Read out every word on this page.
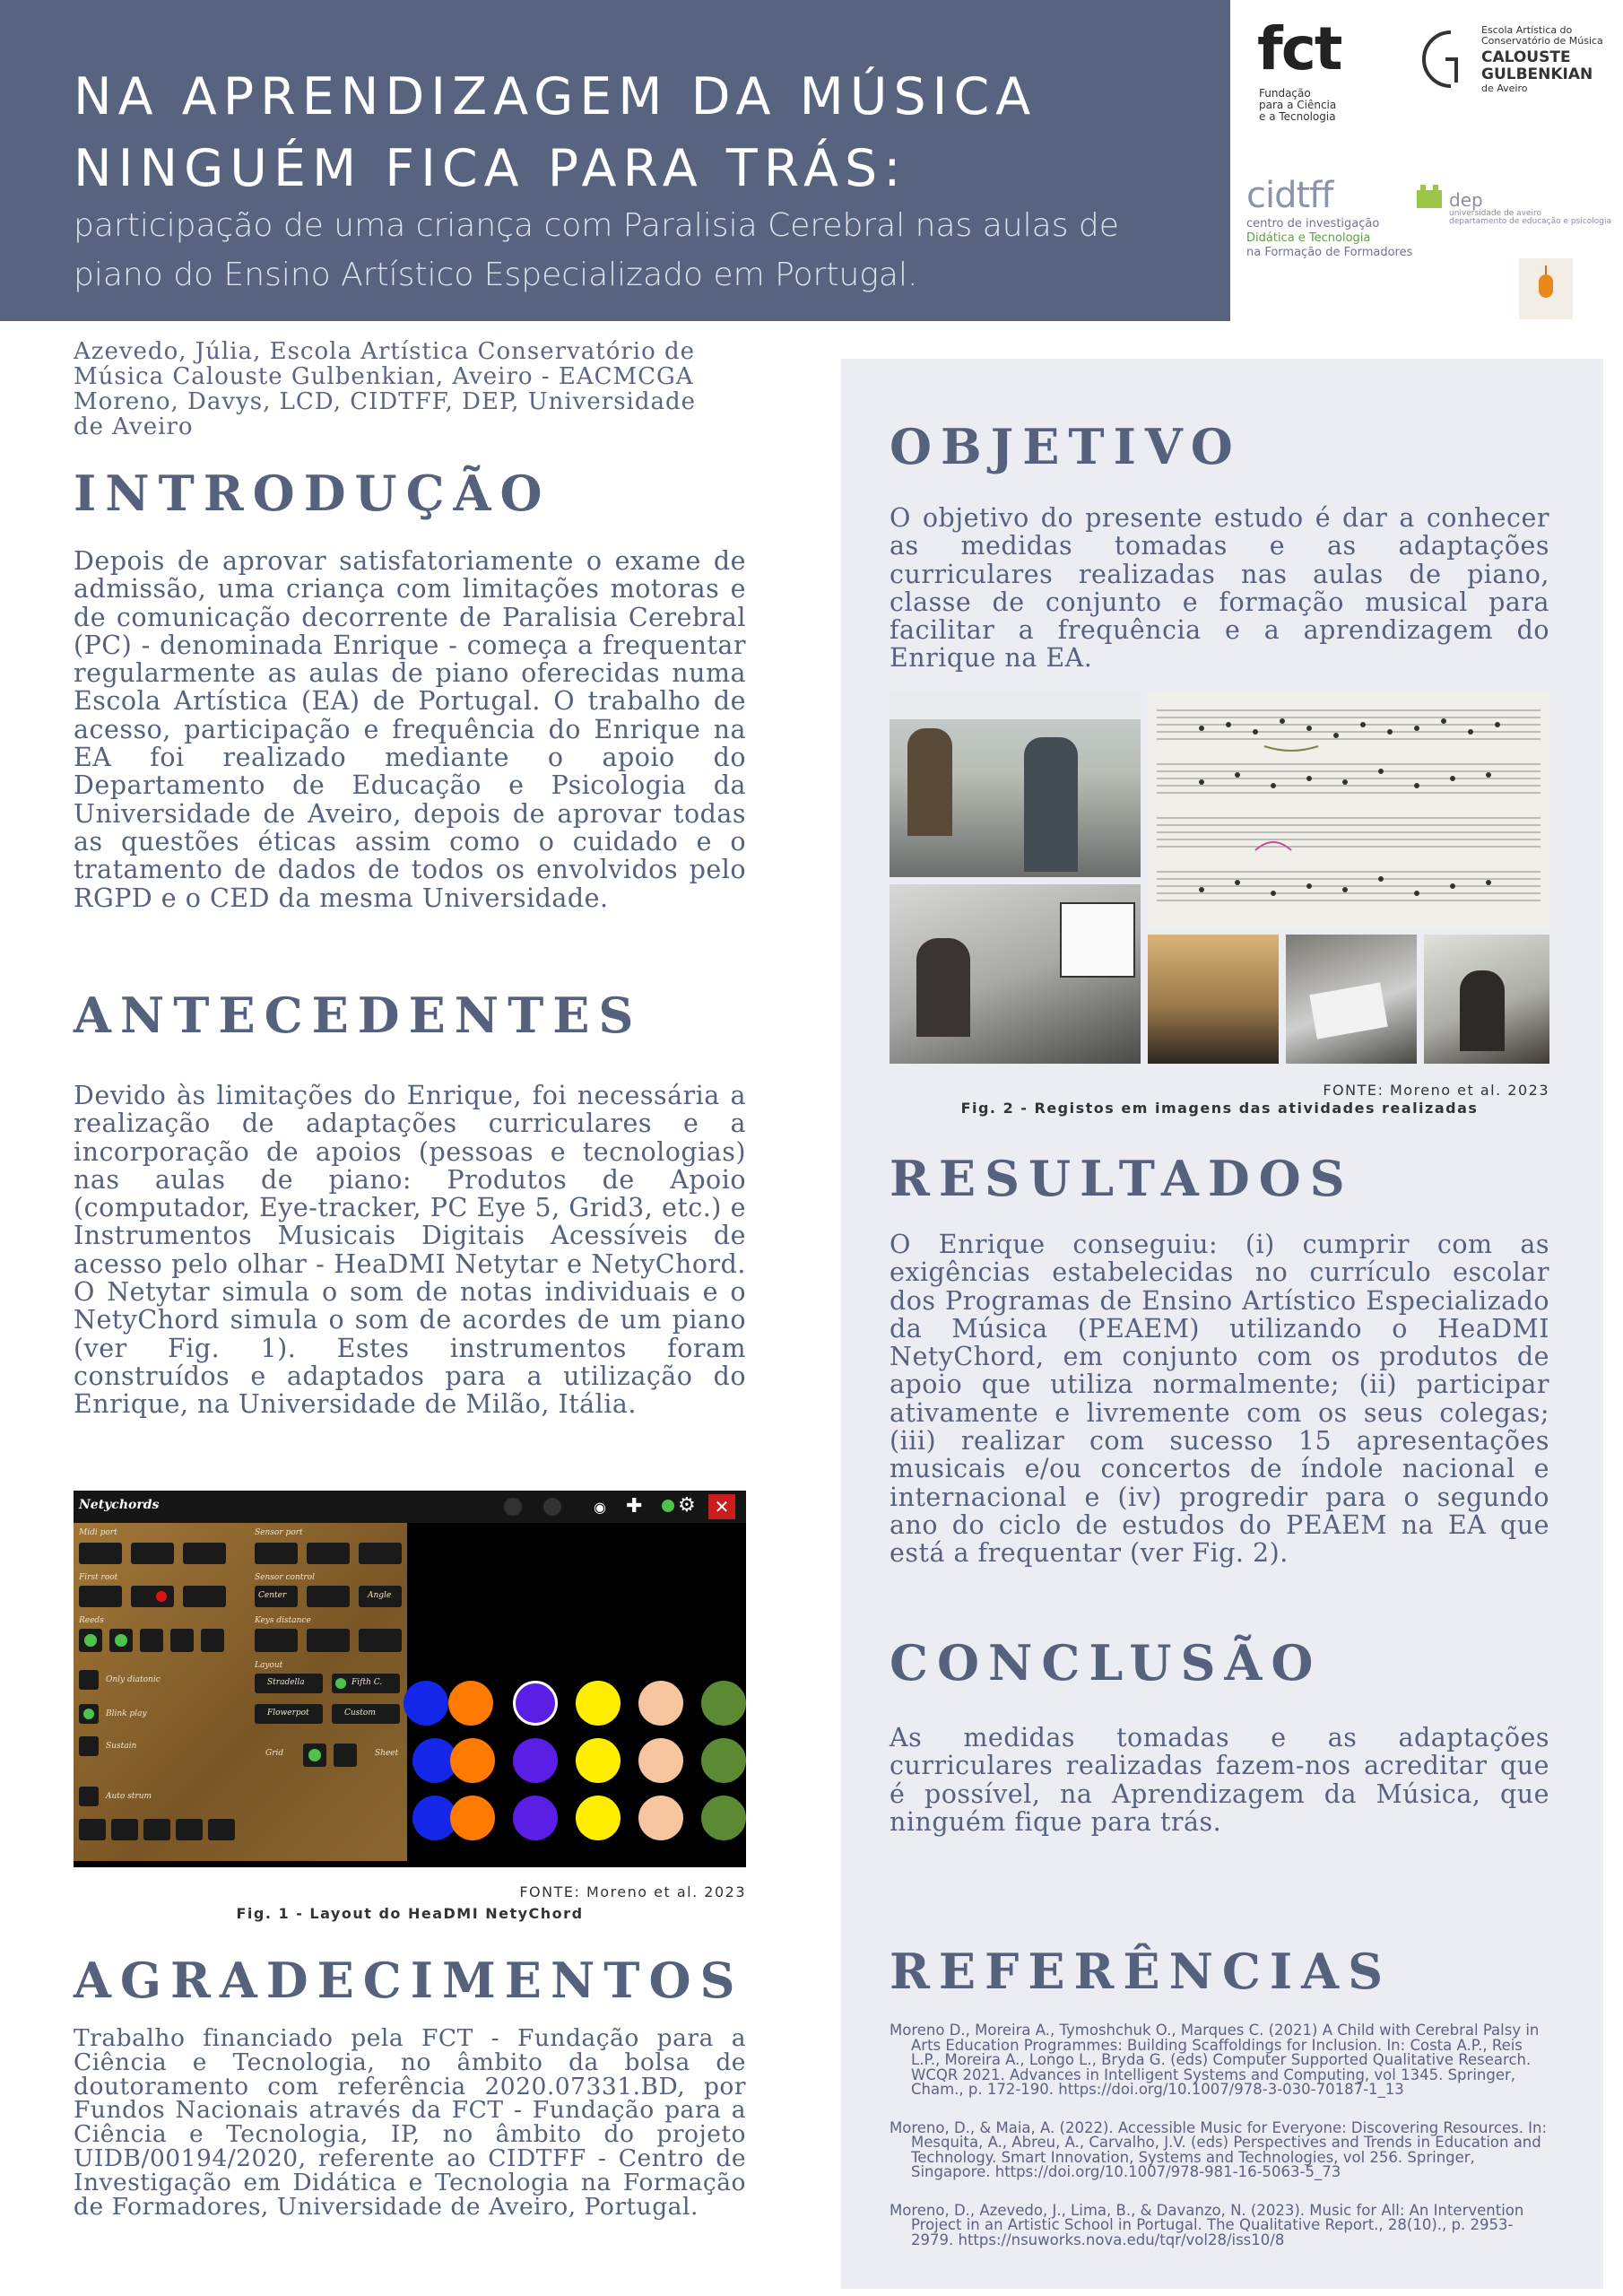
NA APRENDIZAGEM DA MÚSICA
NINGUÉM FICA PARA TRÁS:
participação de uma criança com Paralisia Cerebral nas aulas de
piano do Ensino Artístico Especializado em Portugal.
fct
Fundação
para a Ciência
e a Tecnologia
Escola Artística do
Conservatório de Música
CALOUSTE
GULBENKIAN
de Aveiro
cidtff
centro de investigação
Didática e Tecnologia
na Formação de Formadores
dep
universidade de aveiro
departamento de educação e psicologia
Azevedo, Júlia, Escola Artística Conservatório de
Música Calouste Gulbenkian, Aveiro - EACMCGA
Moreno, Davys, LCD, CIDTFF, DEP, Universidade
de Aveiro
INTRODUÇÃO
Depois de aprovar satisfatoriamente o exame de admissão, uma criança com limitações motoras e de comunicação decorrente de Paralisia Cerebral (PC) - denominada Enrique - começa a frequentar regularmente as aulas de piano oferecidas numa Escola Artística (EA) de Portugal. O trabalho de acesso, participação e frequência do Enrique na EA foi realizado mediante o apoio do Departamento de Educação e Psicologia da Universidade de Aveiro, depois de aprovar todas as questões éticas assim como o cuidado e o tratamento de dados de todos os envolvidos pelo RGPD e o CED da mesma Universidade.
ANTECEDENTES
Devido às limitações do Enrique, foi necessária a realização de adaptações curriculares e a incorporação de apoios (pessoas e tecnologias) nas aulas de piano: Produtos de Apoio (computador, Eye-tracker, PC Eye 5, Grid3, etc.) e Instrumentos Musicais Digitais Acessíveis de acesso pelo olhar - HeaDMI Netytar e NetyChord. O Netytar simula o som de notas individuais e o NetyChord simula o som de acordes de um piano (ver Fig. 1). Estes instrumentos foram construídos e adaptados para a utilização do Enrique, na Universidade de Milão, Itália.
Netychords	◉ ✚ ⚙	✕
Midi port	Sensor port
First root	Sensor control
Center	Angle
Reeds	Keys distance
Layout
Only diatonic	Stradella	Fifth C.
Blink play	Flowerpot	Custom
Sustain
Grid	Sheet
Auto strum
FONTE: Moreno et al. 2023
Fig. 1 - Layout do HeaDMI NetyChord
AGRADECIMENTOS
Trabalho financiado pela FCT - Fundação para a Ciência e Tecnologia, no âmbito da bolsa de doutoramento com referência 2020.07331.BD, por Fundos Nacionais através da FCT - Fundação para a Ciência e Tecnologia, IP, no âmbito do projeto UIDB/00194/2020, referente ao CIDTFF - Centro de Investigação em Didática e Tecnologia na Formação de Formadores, Universidade de Aveiro, Portugal.
OBJETIVO
O objetivo do presente estudo é dar a conhecer as medidas tomadas e as adaptações curriculares realizadas nas aulas de piano, classe de conjunto e formação musical para facilitar a frequência e a aprendizagem do Enrique na EA.
FONTE: Moreno et al. 2023
Fig. 2 - Registos em imagens das atividades realizadas
RESULTADOS
O Enrique conseguiu: (i) cumprir com as exigências estabelecidas no currículo escolar dos Programas de Ensino Artístico Especializado da Música (PEAEM) utilizando o HeaDMI NetyChord, em conjunto com os produtos de apoio que utiliza normalmente; (ii) participar ativamente e livremente com os seus colegas; (iii) realizar com sucesso 15 apresentações musicais e/ou concertos de índole nacional e internacional e (iv) progredir para o segundo ano do ciclo de estudos do PEAEM na EA que está a frequentar (ver Fig. 2).
CONCLUSÃO
As medidas tomadas e as adaptações curriculares realizadas fazem-nos acreditar que é possível, na Aprendizagem da Música, que ninguém fique para trás.
REFERÊNCIAS

Moreno D., Moreira A., Tymoshchuk O., Marques C. (2021) A Child with Cerebral Palsy in Arts Education Programmes: Building Scaffoldings for Inclusion. In: Costa A.P., Reis L.P., Moreira A., Longo L., Bryda G. (eds) Computer Supported Qualitative Research. WCQR 2021. Advances in Intelligent Systems and Computing, vol 1345. Springer, Cham., p. 172-190. https://doi.org/10.1007/978-3-030-70187-1_13

Moreno, D., & Maia, A. (2022). Accessible Music for Everyone: Discovering Resources. In: Mesquita, A., Abreu, A., Carvalho, J.V. (eds) Perspectives and Trends in Education and Technology. Smart Innovation, Systems and Technologies, vol 256. Springer, Singapore. https://doi.org/10.1007/978-981-16-5063-5_73

Moreno, D., Azevedo, J., Lima, B., & Davanzo, N. (2023). Music for All: An Intervention Project in an Artistic School in Portugal. The Qualitative Report., 28(10)., p. 2953-2979. https://nsuworks.nova.edu/tqr/vol28/iss10/8
